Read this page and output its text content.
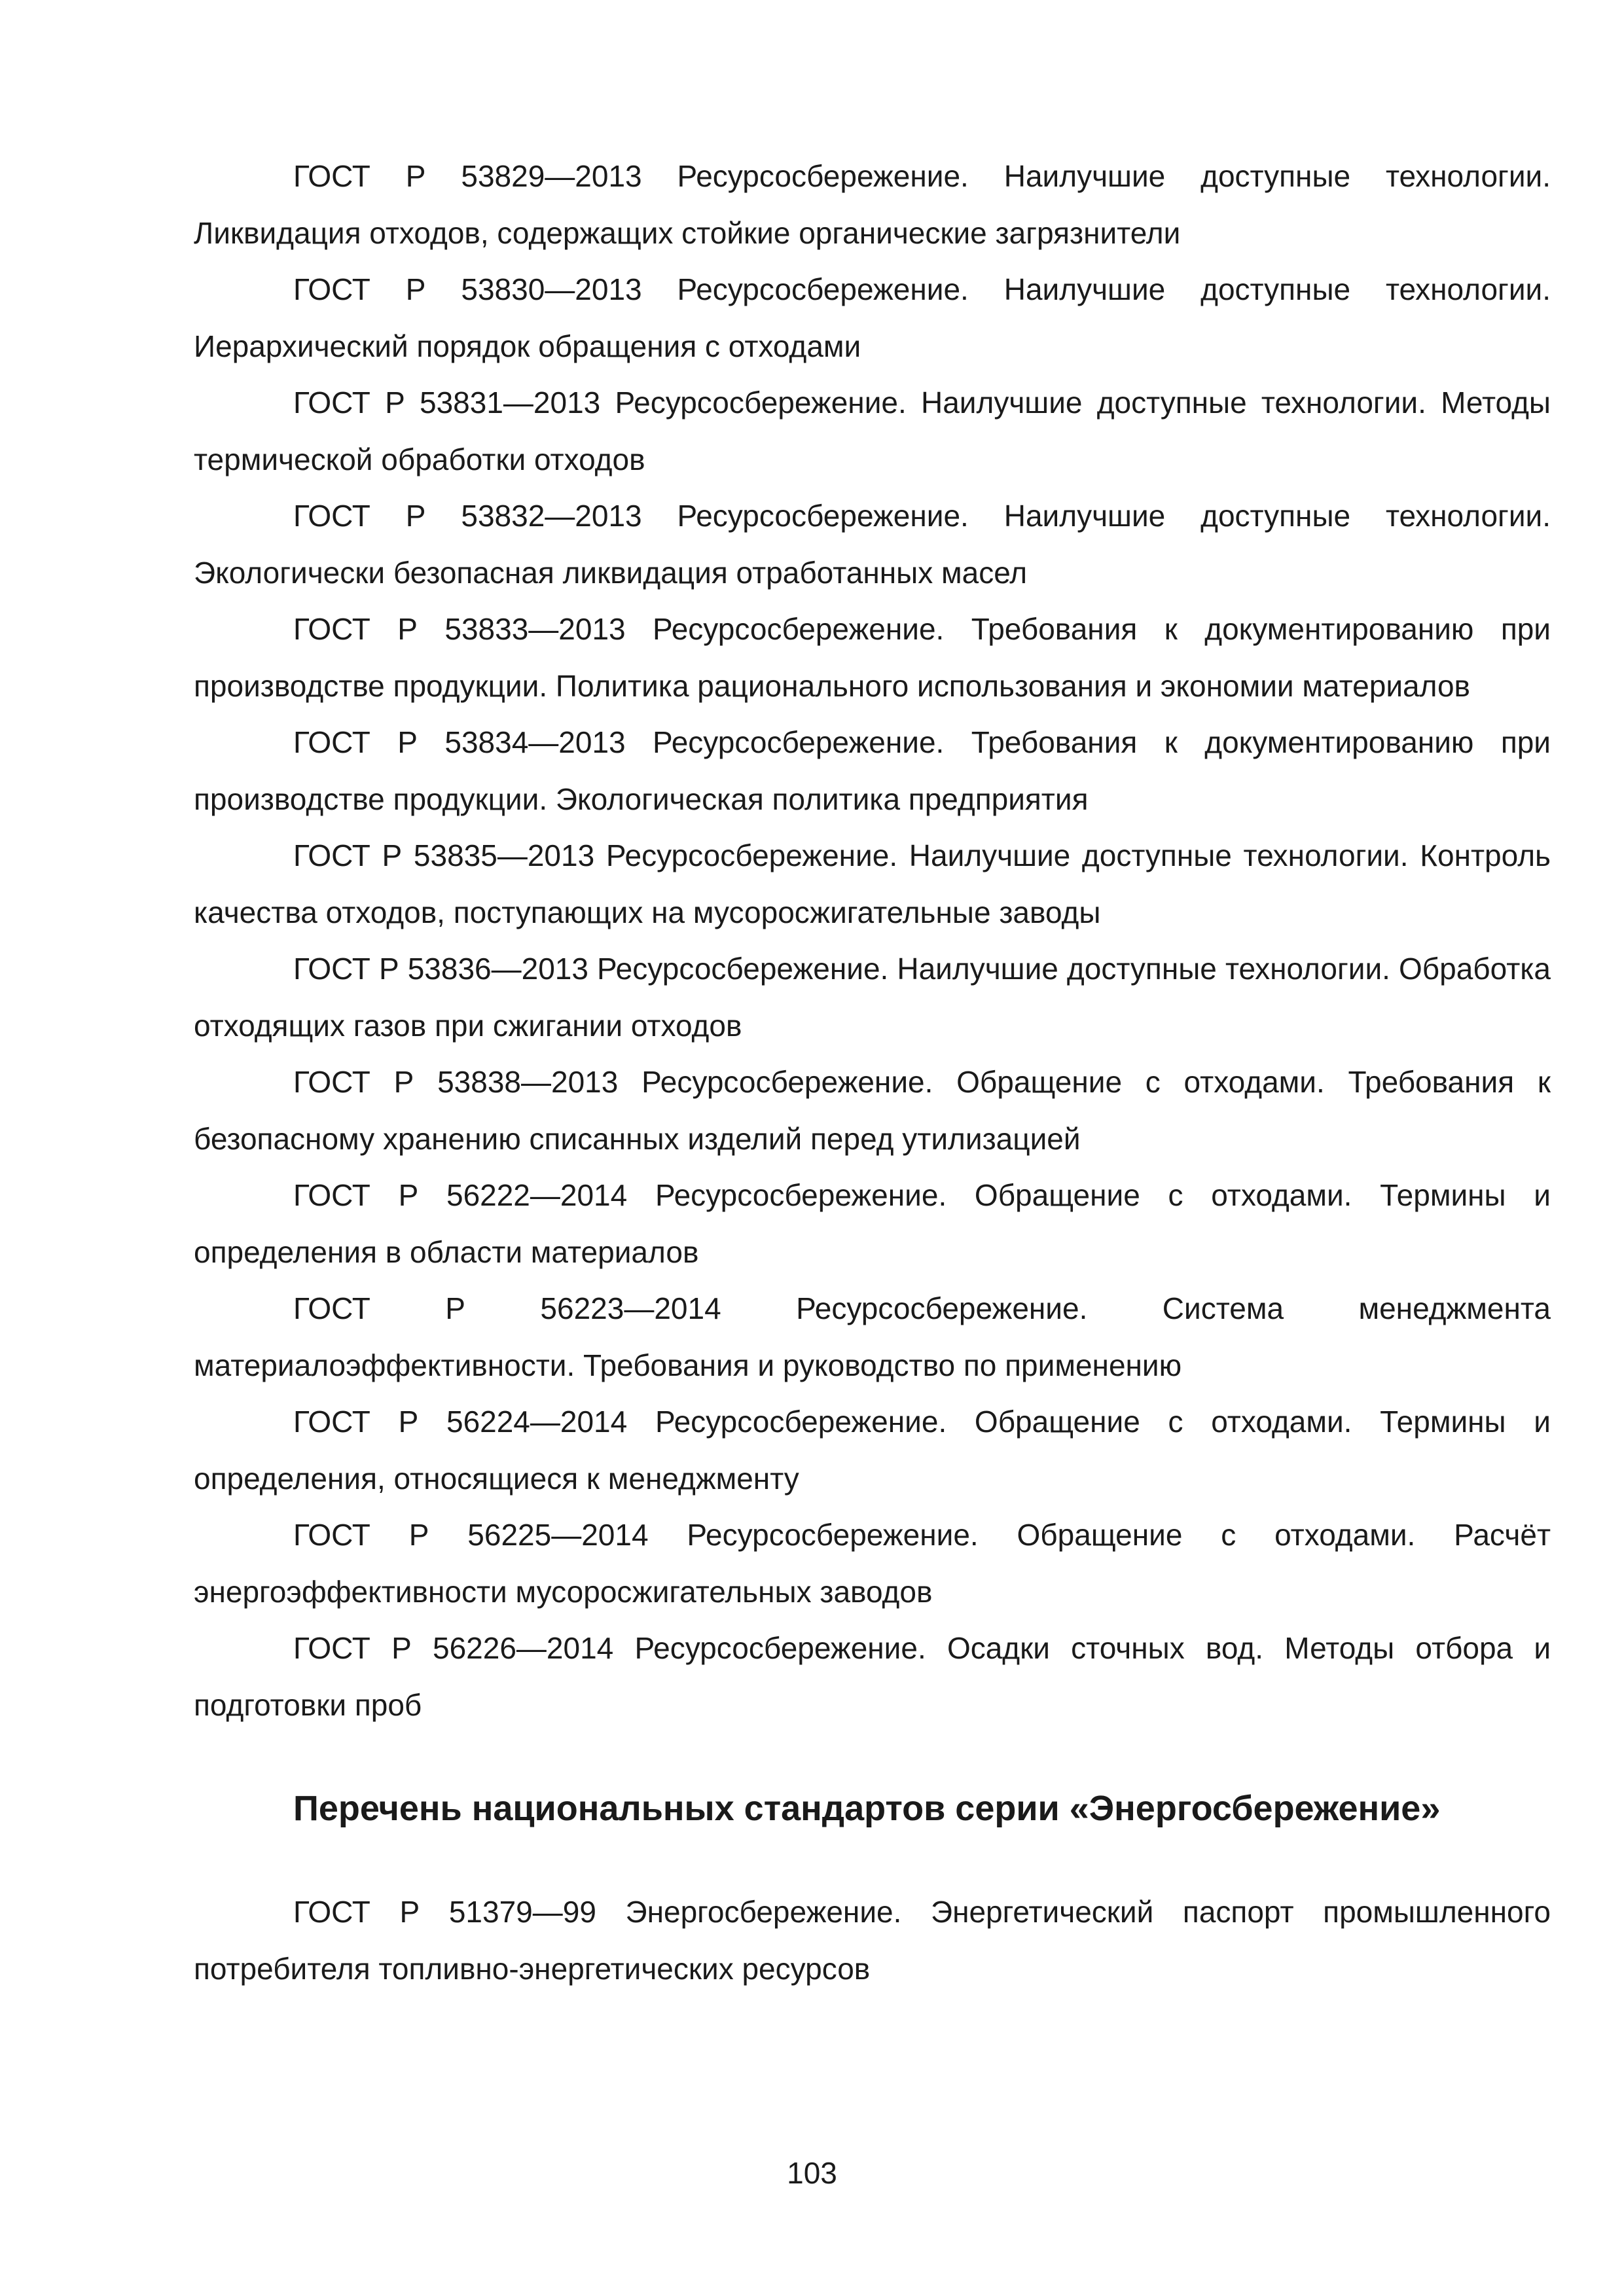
ГОСТ Р 53829—2013 Ресурсосбережение. Наилучшие доступные технологии. Ликвидация отходов, содержащих стойкие органические загрязнители

ГОСТ Р 53830—2013 Ресурсосбережение. Наилучшие доступные технологии. Иерархический порядок обращения с отходами

ГОСТ Р 53831—2013 Ресурсосбережение. Наилучшие доступные технологии. Методы термической обработки отходов

ГОСТ Р 53832—2013 Ресурсосбережение. Наилучшие доступные технологии. Экологически безопасная ликвидация отработанных масел

ГОСТ Р 53833—2013 Ресурсосбережение. Требования к документированию при производстве продукции. Политика рационального использования и экономии материалов

ГОСТ Р 53834—2013 Ресурсосбережение. Требования к документированию при производстве продукции. Экологическая политика предприятия

ГОСТ Р 53835—2013 Ресурсосбережение. Наилучшие доступные технологии. Контроль качества отходов, поступающих на мусоросжигательные заводы

ГОСТ Р 53836—2013 Ресурсосбережение. Наилучшие доступные технологии. Обработка отходящих газов при сжигании отходов

ГОСТ Р 53838—2013 Ресурсосбережение. Обращение с отходами. Требования к безопасному хранению списанных изделий перед утилизацией

ГОСТ Р 56222—2014 Ресурсосбережение. Обращение с отходами. Термины и определения в области материалов

ГОСТ Р 56223—2014 Ресурсосбережение. Система менеджмента материалоэффективности. Требования и руководство по применению

ГОСТ Р 56224—2014 Ресурсосбережение. Обращение с отходами. Термины и определения, относящиеся к менеджменту

ГОСТ Р 56225—2014 Ресурсосбережение. Обращение с отходами. Расчёт энергоэффективности мусоросжигательных заводов

ГОСТ Р 56226—2014 Ресурсосбережение. Осадки сточных вод. Методы отбора и подготовки проб

Перечень национальных стандартов серии «Энергосбережение»

ГОСТ Р 51379—99 Энергосбережение. Энергетический паспорт промышленного потребителя топливно-энергетических ресурсов

103
